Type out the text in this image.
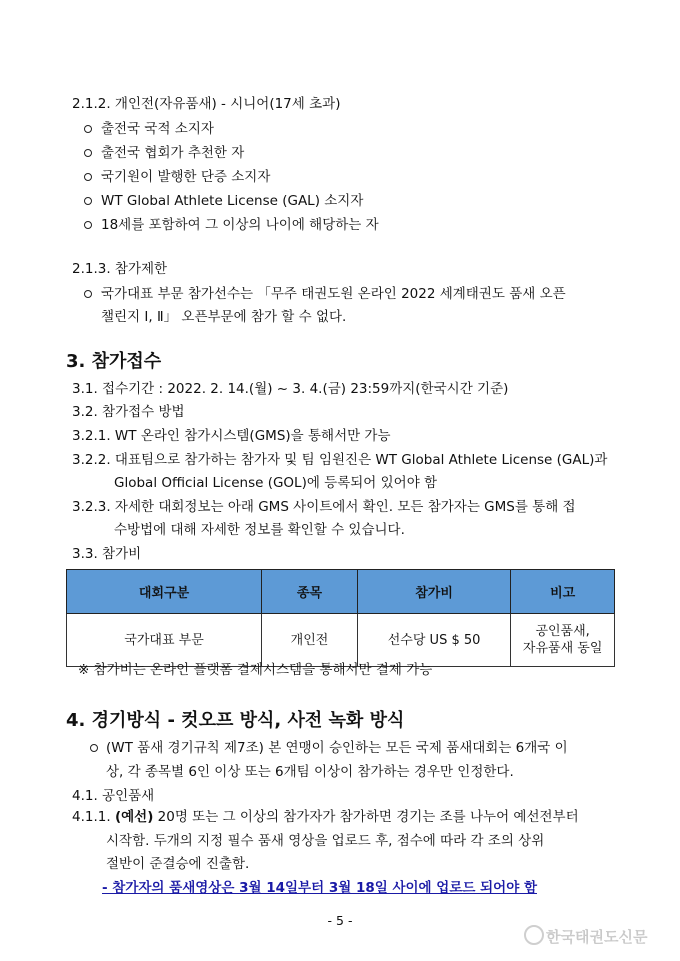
2.1.2. 개인전(자유품새) - 시니어(17세 초과)
출전국 국적 소지자
출전국 협회가 추천한 자
국기원이 발행한 단증 소지자
WT Global Athlete License (GAL) 소지자
18세를 포함하여 그 이상의 나이에 해당하는 자
2.1.3. 참가제한
국가대표 부문 참가선수는 「무주 태권도원 온라인 2022 세계태권도 품새 오픈
챌린지 Ⅰ, Ⅱ」 오픈부문에 참가 할 수 없다.
3. 참가접수
3.1. 접수기간 : 2022. 2. 14.(월) ~ 3. 4.(금) 23:59까지(한국시간 기준)
3.2. 참가접수 방법
3.2.1. WT 온라인 참가시스템(GMS)을 통해서만 가능
3.2.2. 대표팀으로 참가하는 참가자 및 팀 임원진은 WT Global Athlete License (GAL)과
Global Official License (GOL)에 등록되어 있어야 함
3.2.3. 자세한 대회정보는 아래 GMS 사이트에서 확인. 모든 참가자는 GMS를 통해 접
수방법에 대해 자세한 정보를 확인할 수 있습니다.
3.3. 참가비
대회구분	종목	참가비	비고
국가대표 부문	개인전	선수당 US $ 50	공인품새,
자유품새 동일
※ 참가비는 온라인 플랫폼 결제시스템을 통해서만 결제 가능
4. 경기방식 - 컷오프 방식, 사전 녹화 방식
(WT 품새 경기규칙 제7조) 본 연맹이 승인하는 모든 국제 품새대회는 6개국 이
상, 각 종목별 6인 이상 또는 6개팀 이상이 참가하는 경우만 인정한다.
4.1. 공인품새
4.1.1. (예선) 20명 또는 그 이상의 참가자가 참가하면 경기는 조를 나누어 예선전부터
시작함. 두개의 지정 필수 품새 영상을 업로드 후, 점수에 따라 각 조의 상위
절반이 준결승에 진출함.
- 참가자의 품새영상은 3월 14일부터 3월 18일 사이에 업로드 되어야 함
- 5 -
한국태권도신문
